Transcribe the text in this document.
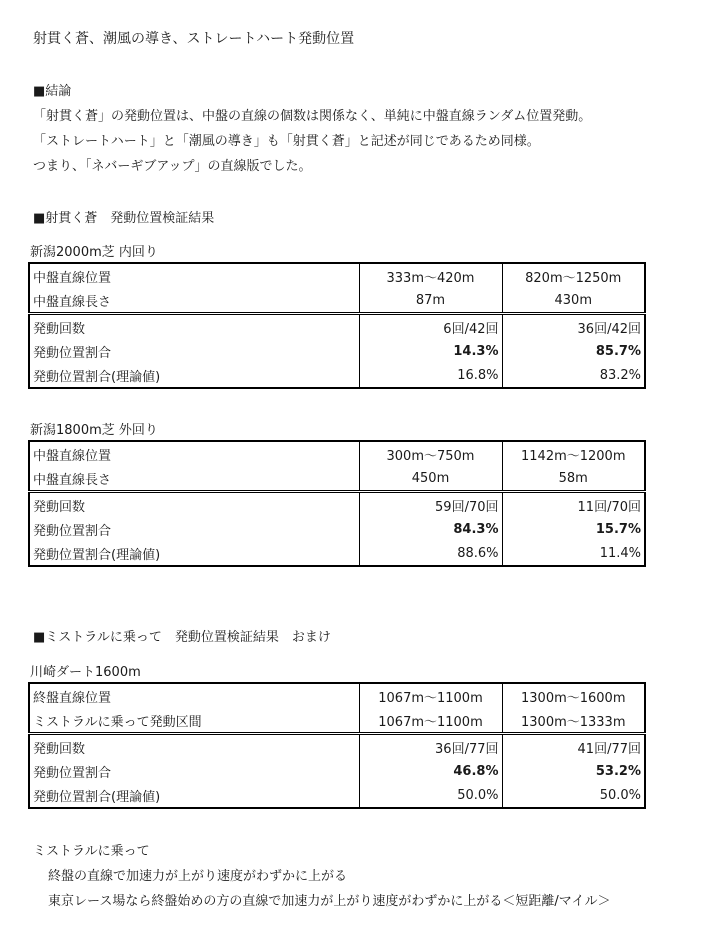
射貫く蒼、潮風の導き、ストレートハート発動位置
■結論
「射貫く蒼」の発動位置は、中盤の直線の個数は関係なく、単純に中盤直線ランダム位置発動。
「ストレートハート」と「潮風の導き」も「射貫く蒼」と記述が同じであるため同様。
つまり、「ネバーギブアップ」の直線版でした。
■射貫く蒼　発動位置検証結果
新潟2000m芝 内回り
中盤直線位置	333m～420m	820m～1250m
中盤直線長さ	87m	430m
発動回数	6回/42回	36回/42回
発動位置割合	14.3%	85.7%
発動位置割合(理論値)	16.8%	83.2%
新潟1800m芝 外回り
中盤直線位置	300m～750m	1142m～1200m
中盤直線長さ	450m	58m
発動回数	59回/70回	11回/70回
発動位置割合	84.3%	15.7%
発動位置割合(理論値)	88.6%	11.4%
■ミストラルに乗って　発動位置検証結果　おまけ
川崎ダート1600m
終盤直線位置	1067m～1100m	1300m～1600m
ミストラルに乗って発動区間	1067m～1100m	1300m～1333m
発動回数	36回/77回	41回/77回
発動位置割合	46.8%	53.2%
発動位置割合(理論値)	50.0%	50.0%
ミストラルに乗って
終盤の直線で加速力が上がり速度がわずかに上がる
東京レース場なら終盤始めの方の直線で加速力が上がり速度がわずかに上がる＜短距離/マイル＞
